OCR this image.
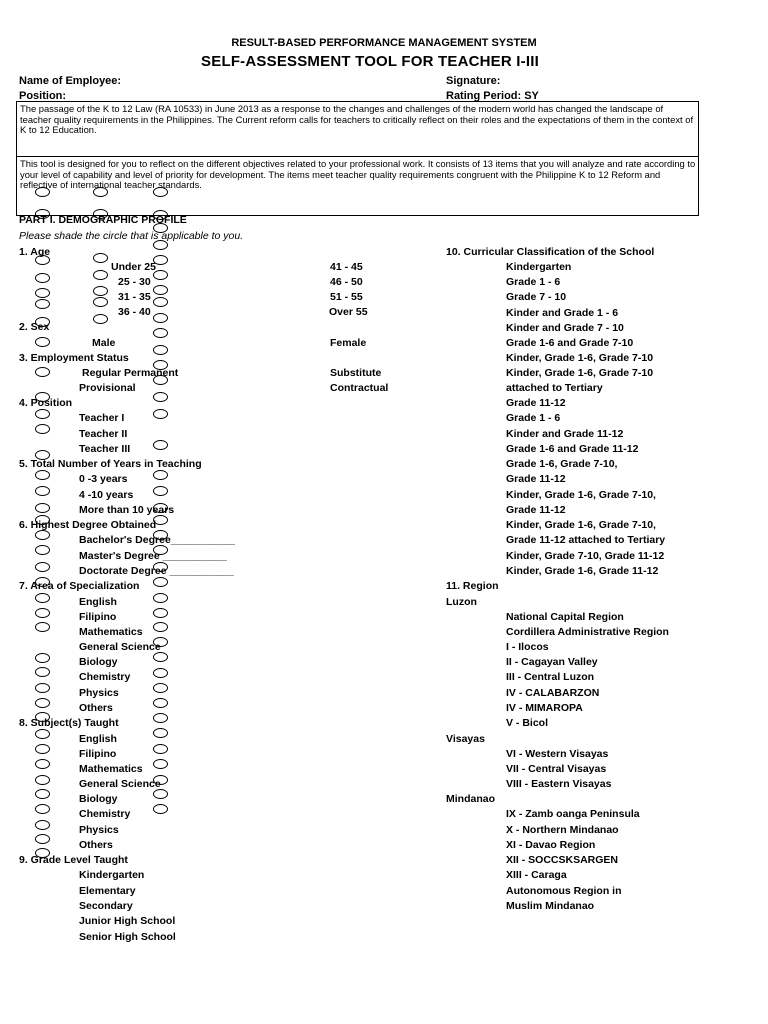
RESULT-BASED PERFORMANCE MANAGEMENT SYSTEM
SELF-ASSESSMENT TOOL FOR TEACHER I-III
Name of Employee:
Position:
Signature:
Rating Period: SY
The passage of the K to 12 Law (RA 10533) in June 2013 as a response to the changes and challenges of the modern world has changed the landscape of teacher quality requirements in the Philippines. The Current reform calls for teachers to critically reflect on their roles and the expectations of them in the context of K to 12 Education.
This tool is designed for you to reflect on the different objectives related to your professional work. It consists of 13 items that you will analyze and rate according to your level of capability and level of priority for development. The items meet teacher quality requirements congruent with the Philippine K to 12 Reform and reflective of international teacher standards.
PART I. DEMOGRAPHIC PROFILE
Please shade the circle that is applicable to you.
1. Age
Under 25
25 - 30
31 - 35
36 - 40
41 - 45
46 - 50
51 - 55
Over 55
2. Sex
Male	Female
3. Employment Status
Regular Permanent	Substitute
Provisional	Contractual
4. Position
Teacher I
Teacher II
Teacher III
5. Total Number of Years in Teaching
0 -3 years
4 -10 years
More than 10 years
6. Highest Degree Obtained
Bachelor's Degree___________
Master's Degree ___________
Doctorate Degree ___________
7. Area of Specialization
English
Filipino
Mathematics
General Science
Biology
Chemistry
Physics
Others
8. Subject(s) Taught
English
Filipino
Mathematics
General Science
Biology
Chemistry
Physics
Others
9. Grade Level Taught
Kindergarten
Elementary
Secondary
Junior High School
Senior High School
10. Curricular Classification of the School
Kindergarten
Grade 1 - 6
Grade 7 - 10
Kinder and Grade 1 - 6
Kinder and Grade 7 - 10
Grade 1-6 and Grade 7-10
Kinder, Grade 1-6, Grade 7-10
Kinder, Grade 1-6, Grade 7-10
attached to Tertiary
Grade 11-12
Grade 1 - 6
Kinder and Grade 11-12
Grade 1-6 and Grade 11-12
Grade 1-6, Grade 7-10,
Grade 11-12
Kinder, Grade 1-6, Grade 7-10,
Grade 11-12
Kinder, Grade 1-6, Grade 7-10,
Grade 11-12 attached to Tertiary
Kinder, Grade 7-10, Grade 11-12
Kinder, Grade 1-6, Grade 11-12
11. Region
Luzon
National Capital Region
Cordillera Administrative Region
I - Ilocos
II - Cagayan Valley
III - Central Luzon
IV - CALABARZON
IV - MIMAROPA
V - Bicol
Visayas
VI - Western Visayas
VII - Central Visayas
VIII - Eastern Visayas
Mindanao
IX - Zamb oanga Peninsula
X - Northern Mindanao
XI - Davao Region
XII - SOCCSKSARGEN
XIII - Caraga
Autonomous Region in
Muslim Mindanao
